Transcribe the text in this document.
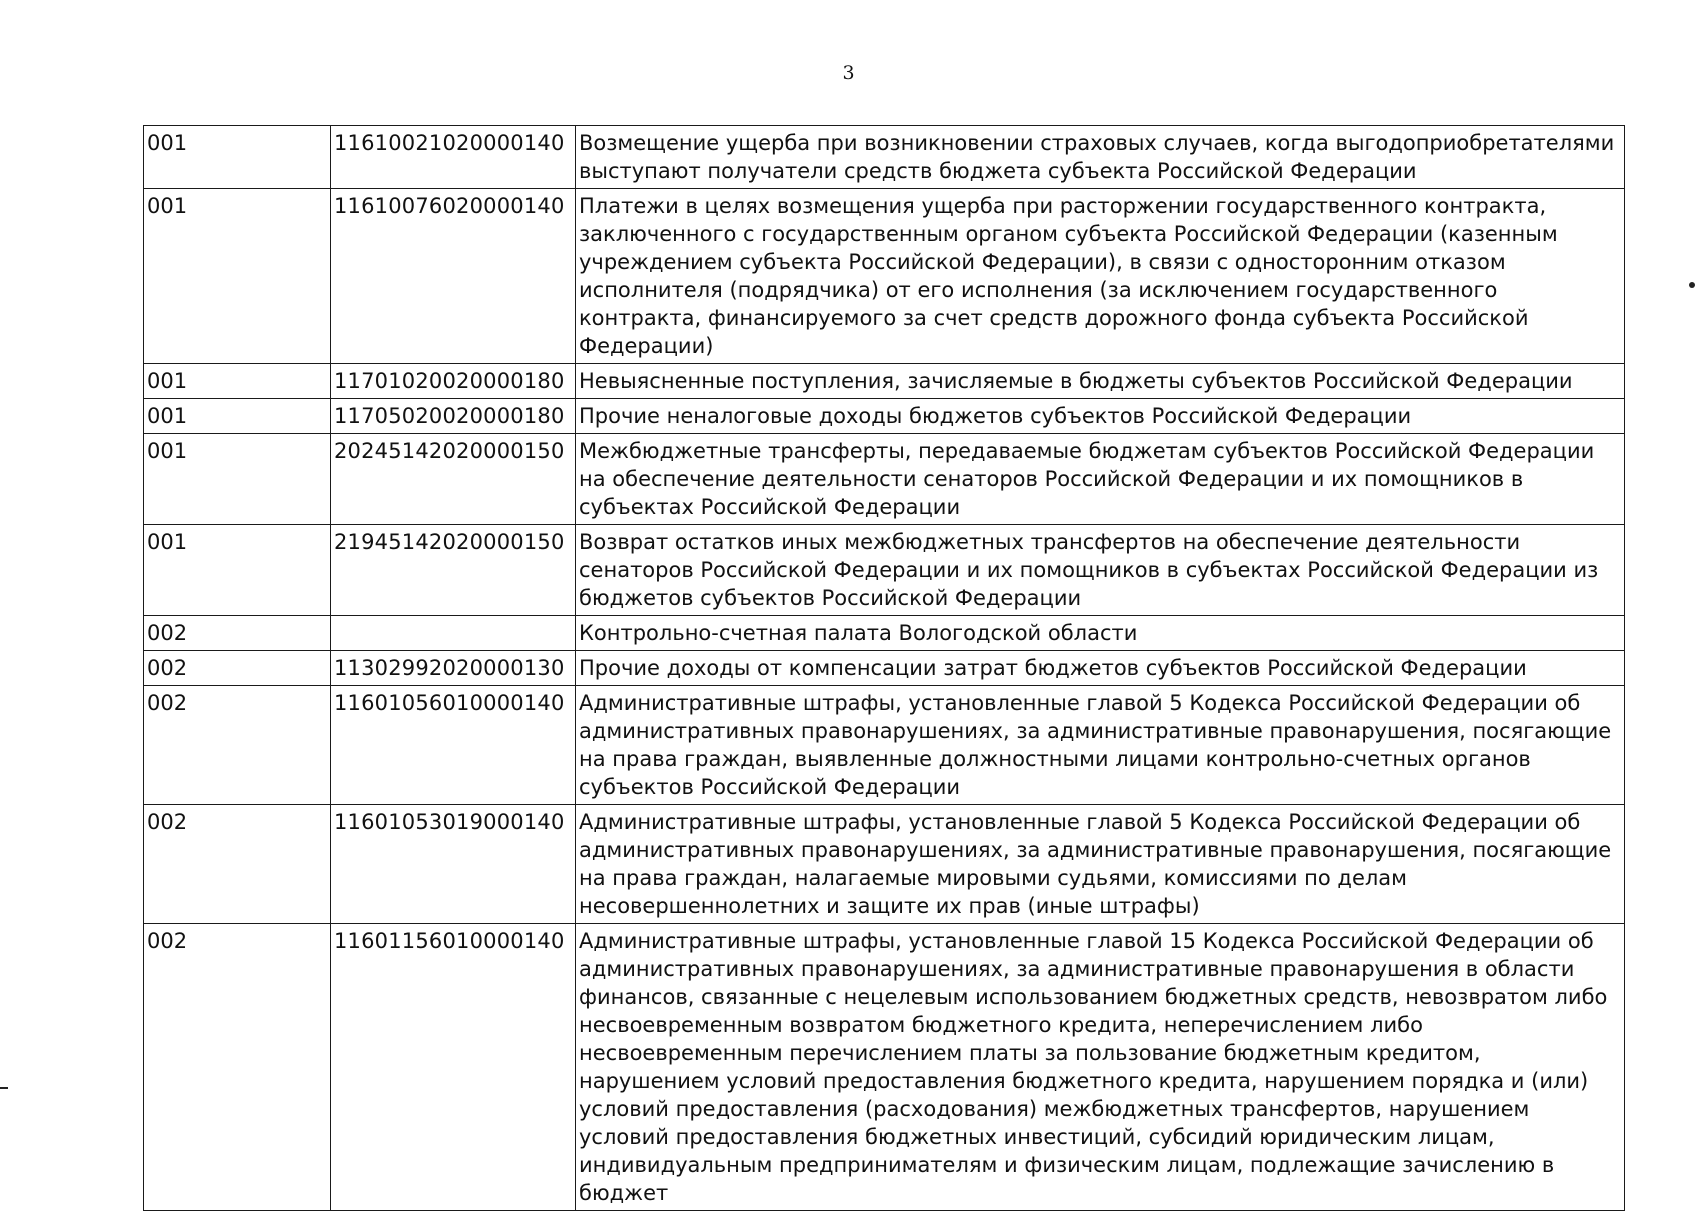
3
001	11610021020000140	Возмещение ущерба при возникновении страховых случаев, когда выгодоприобретателями выступают получатели средств бюджета субъекта Российской Федерации
001	11610076020000140	Платежи в целях возмещения ущерба при расторжении государственного контракта, заключенного с государственным органом субъекта Российской Федерации (казенным учреждением субъекта Российской Федерации), в связи с односторонним отказом исполнителя (подрядчика) от его исполнения (за исключением государственного контракта, финансируемого за счет средств дорожного фонда субъекта Российской Федерации)
001	11701020020000180	Невыясненные поступления, зачисляемые в бюджеты субъектов Российской Федерации
001	11705020020000180	Прочие неналоговые доходы бюджетов субъектов Российской Федерации
001	20245142020000150	Межбюджетные трансферты, передаваемые бюджетам субъектов Российской Федерации на обеспечение деятельности сенаторов Российской Федерации и их помощников в субъектах Российской Федерации
001	21945142020000150	Возврат остатков иных межбюджетных трансфертов на обеспечение деятельности сенаторов Российской Федерации и их помощников в субъектах Российской Федерации из бюджетов субъектов Российской Федерации
002		Контрольно-счетная палата Вологодской области
002	11302992020000130	Прочие доходы от компенсации затрат бюджетов субъектов Российской Федерации
002	11601056010000140	Административные штрафы, установленные главой 5 Кодекса Российской Федерации об административных правонарушениях, за административные правонарушения, посягающие на права граждан, выявленные должностными лицами контрольно-счетных органов субъектов Российской Федерации
002	11601053019000140	Административные штрафы, установленные главой 5 Кодекса Российской Федерации об административных правонарушениях, за административные правонарушения, посягающие на права граждан, налагаемые мировыми судьями, комиссиями по делам несовершеннолетних и защите их прав (иные штрафы)
002	11601156010000140	Административные штрафы, установленные главой 15 Кодекса Российской Федерации об административных правонарушениях, за административные правонарушения в области финансов, связанные с нецелевым использованием бюджетных средств, невозвратом либо несвоевременным возвратом бюджетного кредита, неперечислением либо несвоевременным перечислением платы за пользование бюджетным кредитом, нарушением условий предоставления бюджетного кредита, нарушением порядка и (или) условий предоставления (расходования) межбюджетных трансфертов, нарушением условий предоставления бюджетных инвестиций, субсидий юридическим лицам, индивидуальным предпринимателям и физическим лицам, подлежащие зачислению в бюджет
